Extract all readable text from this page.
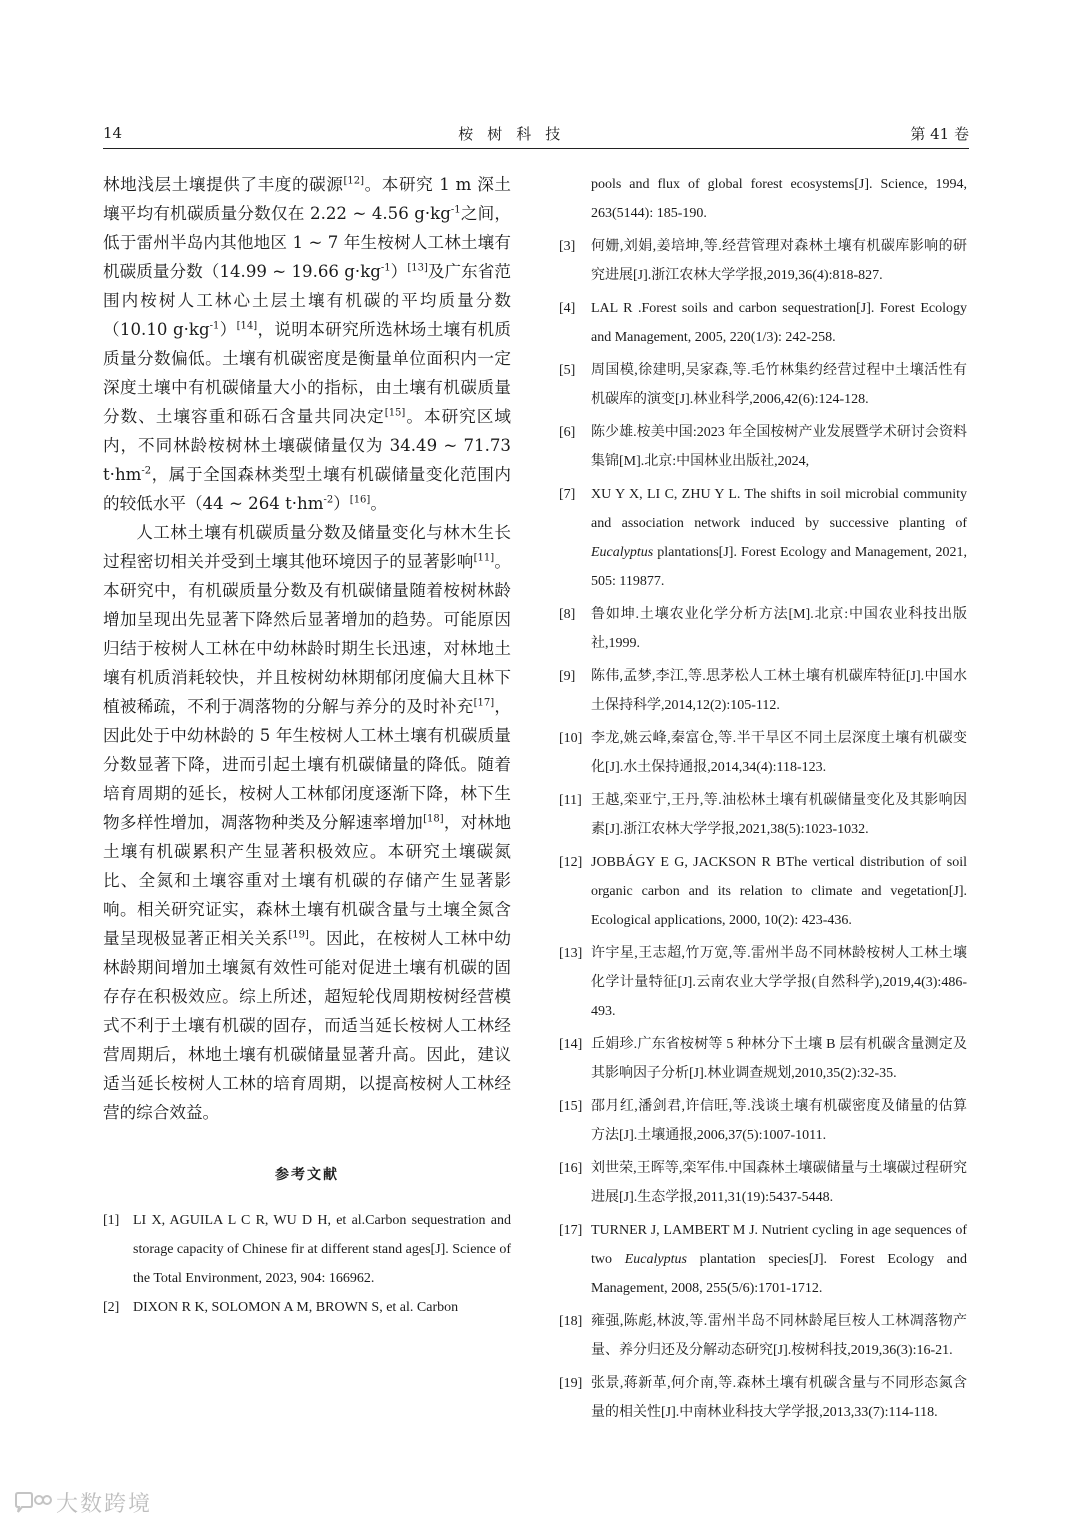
14	桉树科技	第 41 卷

林地浅层土壤提供了丰度的碳源[12]。本研究 1 m 深土壤平均有机碳质量分数仅在 2.22 ~ 4.56 $g\cdot kg^{-1}$之间，低于雷州半岛内其他地区 1 ~ 7 年生桉树人工林土壤有机碳质量分数（14.99 ~ 19.66 $g\cdot kg^{-1})[13]$及广东省范围内桉树人工林心土层土壤有机碳的平均质量分数（10.10 $g\cdot kg^{-1})[14]$，说明本研究所选林场土壤有机质质量分数偏低。土壤有机碳密度是衡量单位面积内一定深度土壤中有机碳储量大小的指标，由土壤有机碳质量分数、土壤容重和砾石含量共同决定[15]。本研究区域内，不同林龄桉树林土壤碳储量仅为 34.49 ~ 71.73 $t\cdot hm^{-2}$，属于全国森林类型土壤有机碳储量变化范围内的较低水平（44 ~ 264 $t\cdot hm^{-2})[16]$。

人工林土壤有机碳质量分数及储量变化与林木生长过程密切相关并受到土壤其他环境因子的显著影响[11]。本研究中，有机碳质量分数及有机碳储量随着桉树林龄增加呈现出先显著下降然后显著增加的趋势。可能原因归结于桉树人工林在中幼林龄时期生长迅速，对林地土壤有机质消耗较快，并且桉树幼林期郁闭度偏大且林下植被稀疏，不利于凋落物的分解与养分的及时补充[17]，因此处于中幼林龄的 5 年生桉树人工林土壤有机碳质量分数显著下降，进而引起土壤有机碳储量的降低。随着培育周期的延长，桉树人工林郁闭度逐渐下降，林下生物多样性增加，凋落物种类及分解速率增加[18]，对林地土壤有机碳累积产生显著积极效应。本研究土壤碳氮比、全氮和土壤容重对土壤有机碳的存储产生显著影响。相关研究证实，森林土壤有机碳含量与土壤全氮含量呈现极显著正相关关系[19]。因此，在桉树人工林中幼林龄期间增加土壤氮有效性可能对促进土壤有机碳的固存存在积极效应。综上所述，超短轮伐周期桉树经营模式不利于土壤有机碳的固存，而适当延长桉树人工林经营周期后，林地土壤有机碳储量显著升高。因此，建议适当延长桉树人工林的培育周期，以提高桉树人工林经营的综合效益。

参考文献
[1] LI X, AGUILA L C R, WU D H, et al.Carbon sequestration and storage capacity of Chinese fir at different stand ages[J]. Science of the Total Environment, 2023, 904: 166962.
[2] DIXON R K, SOLOMON A M, BROWN S, et al. Carbon
pools and flux of global forest ecosystems[J]. Science, 1994, 263(5144): 185-190.
[3]	何姗,刘娟,姜培坤,等.经营管理对森林土壤有机碳库影响的研究进展[J].浙江农林大学学报,2019,36(4):818-827.
[4]	LAL R .Forest soils and carbon sequestration[J]. Forest Ecology and Management, 2005, 220(1/3): 242-258.
[5]	周国模,徐建明,吴家森,等.毛竹林集约经营过程中土壤活性有机碳库的演变[J].林业科学,2006,42(6):124-128.
[6]	陈少雄.桉美中国:2023 年全国桉树产业发展暨学术研讨会资料集锦[M].北京:中国林业出版社,2024,
[7]	XU Y X, LI C, ZHU Y L. The shifts in soil microbial community and association network induced by successive planting of Eucalyptus plantations[J]. Forest Ecology and Management, 2021, 505: 119877.
[8]	鲁如坤.土壤农业化学分析方法[M].北京:中国农业科技出版社,1999.
[9]	陈伟,孟梦,李江,等.思茅松人工林土壤有机碳库特征[J].中国水土保持科学,2014,12(2):105-112.
[10] 李龙,姚云峰,秦富仓,等.半干旱区不同土层深度土壤有机碳变化[J].水土保持通报,2014,34(4):118-123.
[11] 王越,栾亚宁,王丹,等.油松林土壤有机碳储量变化及其影响因素[J].浙江农林大学学报,2021,38(5):1023-1032.
[12] JOBBÁGY E G, JACKSON R BThe vertical distribution of soil organic carbon and its relation to climate and vegetation[J]. Ecological applications, 2000, 10(2): 423-436.
[13] 许宇星,王志超,竹万宽,等.雷州半岛不同林龄桉树人工林土壤化学计量特征[J].云南农业大学学报(自然科学),2019,4(3):486-493.
[14] 丘娟珍.广东省桉树等 5 种林分下土壤 B 层有机碳含量测定及其影响因子分析[J].林业调查规划,2010,35(2):32-35.
[15] 邵月红,潘剑君,许信旺,等.浅谈土壤有机碳密度及储量的估算方法[J].土壤通报,2006,37(5):1007-1011.
[16] 刘世荣,王晖等,栾军伟.中国森林土壤碳储量与土壤碳过程研究进展[J].生态学报,2011,31(19):5437-5448.
[17] TURNER J, LAMBERT M J. Nutrient cycling in age sequences of two Eucalyptus plantation species[J]. Forest Ecology and Management, 2008, 255(5/6):1701-1712.
[18] 雍强,陈彪,林波,等.雷州半岛不同林龄尾巨桉人工林凋落物产量、养分归还及分解动态研究[J].桉树科技,2019,36(3):16-21.
[19] 张景,蒋新革,何介南,等.森林土壤有机碳含量与不同形态氮含量的相关性[J].中南林业科技大学学报,2013,33(7):114-118.
大数跨境
